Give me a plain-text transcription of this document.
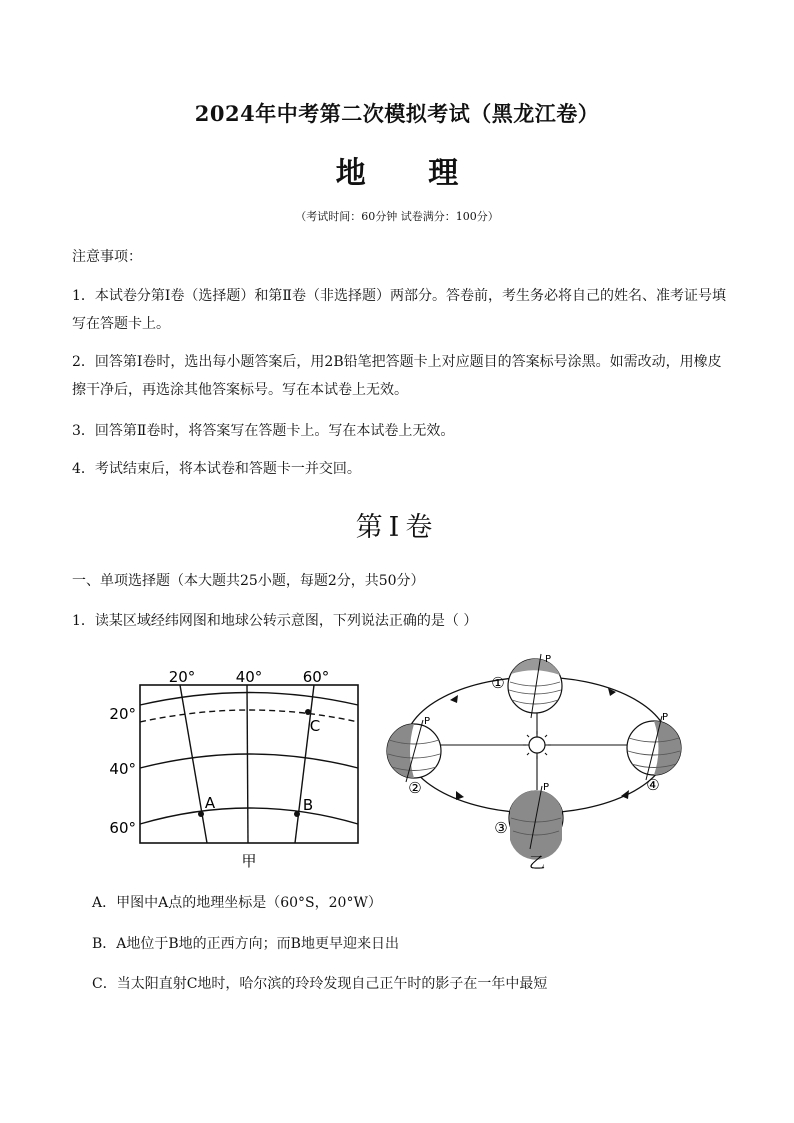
2024年中考第二次模拟考试（黑龙江卷）
地 理
（考试时间：60分钟 试卷满分：100分）
注意事项：
1．本试卷分第Ⅰ卷（选择题）和第Ⅱ卷（非选择题）两部分。答卷前，考生务必将自己的姓名、准考证号填写在答题卡上。
2．回答第Ⅰ卷时，选出每小题答案后，用2B铅笔把答题卡上对应题目的答案标号涂黑。如需改动，用橡皮擦干净后，再选涂其他答案标号。写在本试卷上无效。
3．回答第Ⅱ卷时，将答案写在答题卡上。写在本试卷上无效。
4．考试结束后，将本试卷和答题卡一并交回。
第Ⅰ卷
一、单项选择题（本大题共25小题，每题2分，共50分）
1．读某区域经纬网图和地球公转示意图，下列说法正确的是（ ）
20°	40°	60°
20°
40°
60°
A	B
C
甲
P
P
P
P
①
②
③
④
乙
A．甲图中A点的地理坐标是（60°S，20°W）
B．A地位于B地的正西方向；而B地更早迎来日出
C．当太阳直射C地时，哈尔滨的玲玲发现自己正午时的影子在一年中最短
